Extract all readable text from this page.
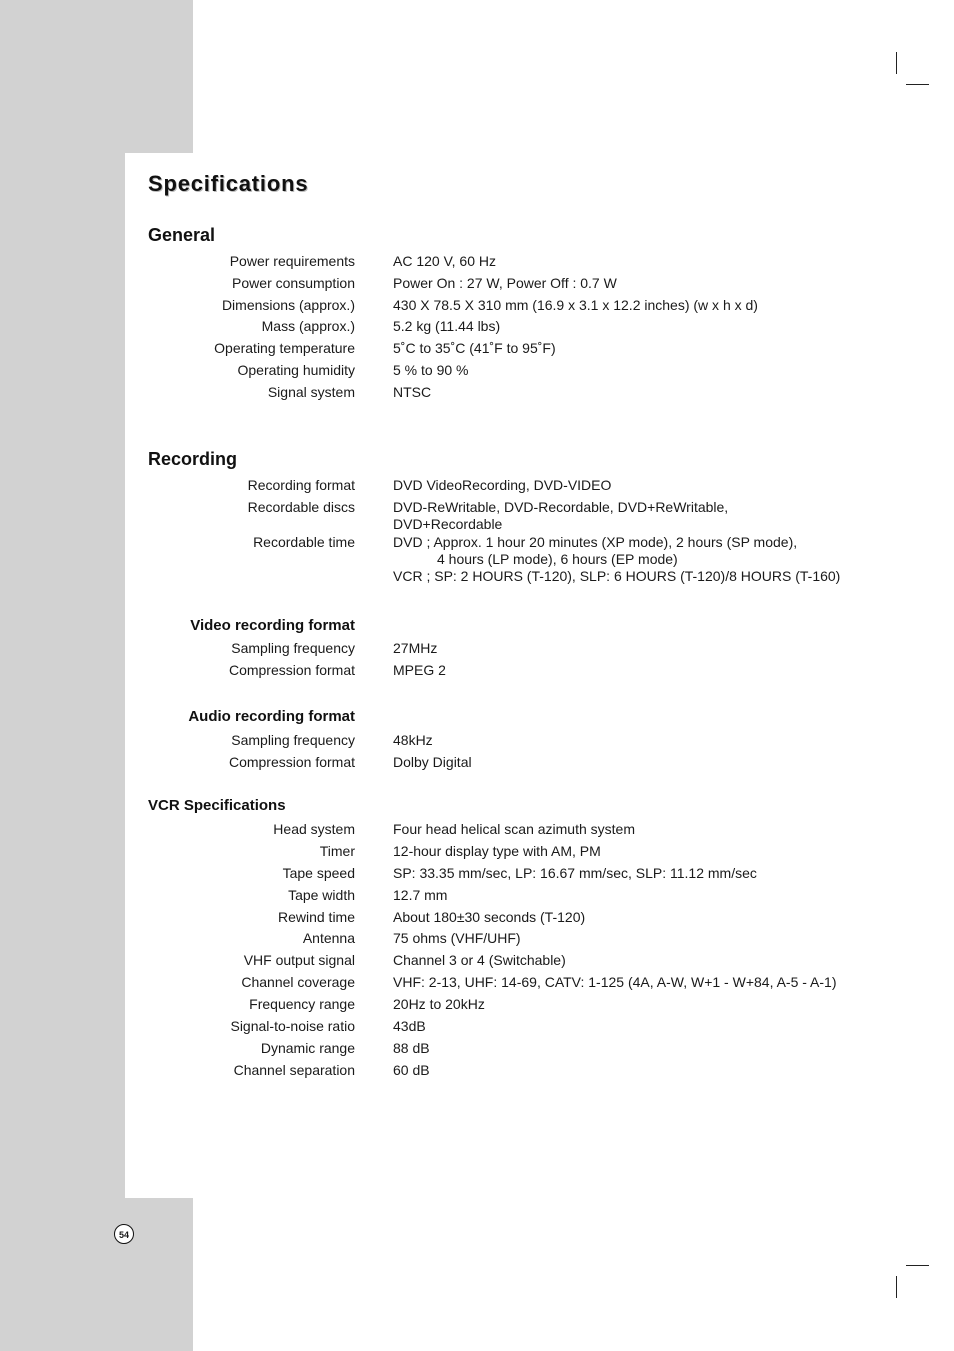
54
Specifications
General
Power requirements	AC 120 V, 60 Hz
Power consumption	Power On : 27 W, Power Off : 0.7 W
Dimensions (approx.)	430 X 78.5 X 310 mm (16.9 x 3.1 x 12.2 inches) (w x h x d)
Mass (approx.)	5.2 kg (11.44 lbs)
Operating temperature	5˚C to 35˚C (41˚F to 95˚F)
Operating humidity	5 % to 90 %
Signal system	NTSC
Recording
Recording format	DVD VideoRecording, DVD-VIDEO
Recordable discs	DVD-ReWritable, DVD-Recordable, DVD+ReWritable,
DVD+Recordable
Recordable time	DVD ; Approx. 1 hour 20 minutes (XP mode), 2 hours (SP mode),
4 hours (LP mode), 6 hours (EP mode)
VCR ; SP: 2 HOURS (T-120), SLP: 6 HOURS (T-120)/8 HOURS (T-160)
Video recording format
Sampling frequency	27MHz
Compression format	MPEG 2
Audio recording format
Sampling frequency	48kHz
Compression format	Dolby Digital
VCR Specifications
Head system	Four head helical scan azimuth system
Timer	12-hour display type with AM, PM
Tape speed	SP: 33.35 mm/sec, LP: 16.67 mm/sec, SLP: 11.12 mm/sec
Tape width	12.7 mm
Rewind time	About 180±30 seconds (T-120)
Antenna	75 ohms (VHF/UHF)
VHF output signal	Channel 3 or 4 (Switchable)
Channel coverage	VHF: 2-13, UHF: 14-69, CATV: 1-125 (4A, A-W, W+1 - W+84, A-5 - A-1)
Frequency range	20Hz to 20kHz
Signal-to-noise ratio	43dB
Dynamic range	88 dB
Channel separation	60 dB
